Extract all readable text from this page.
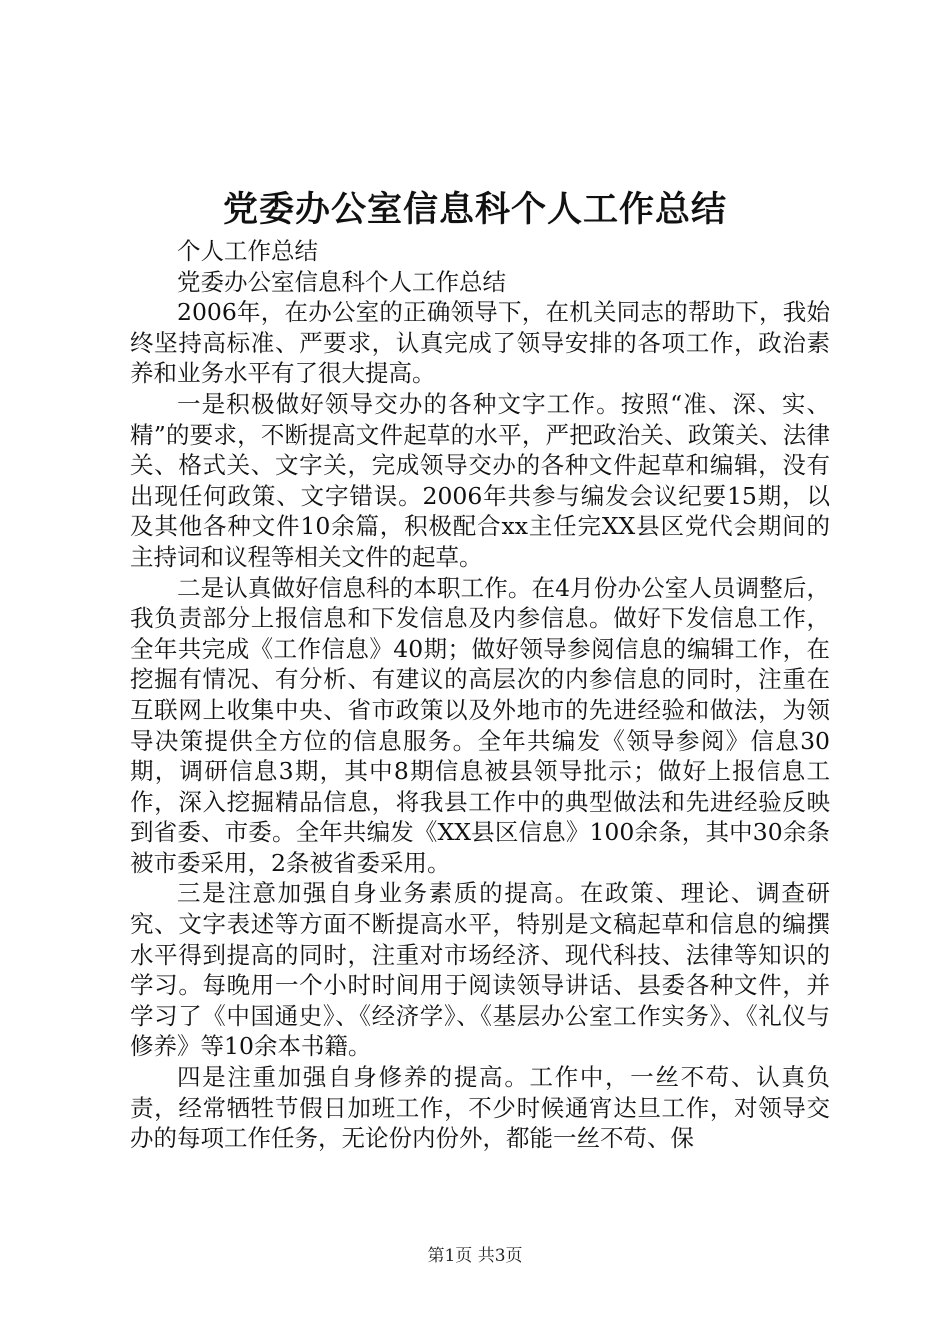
党委办公室信息科个人工作总结

个人工作总结

党委办公室信息科个人工作总结

2006年，在办公室的正确领导下，在机关同志的帮助下，我始终坚持高标准、严要求，认真完成了领导安排的各项工作，政治素养和业务水平有了很大提高。

一是积极做好领导交办的各种文字工作。按照“准、深、实、精”的要求，不断提高文件起草的水平，严把政治关、政策关、法律关、格式关、文字关，完成领导交办的各种文件起草和编辑，没有出现任何政策、文字错误。2006年共参与编发会议纪要15期，以及其他各种文件10余篇，积极配合xx主任完XX县区党代会期间的主持词和议程等相关文件的起草。

二是认真做好信息科的本职工作。在4月份办公室人员调整后，我负责部分上报信息和下发信息及内参信息。做好下发信息工作，全年共完成《工作信息》40期；做好领导参阅信息的编辑工作，在挖掘有情况、有分析、有建议的高层次的内参信息的同时，注重在互联网上收集中央、省市政策以及外地市的先进经验和做法，为领导决策提供全方位的信息服务。全年共编发《领导参阅》信息30期，调研信息3期，其中8期信息被县领导批示；做好上报信息工作，深入挖掘精品信息，将我县工作中的典型做法和先进经验反映到省委、市委。全年共编发《XX县区信息》100余条，其中30余条被市委采用，2条被省委采用。

三是注意加强自身业务素质的提高。在政策、理论、调查研究、文字表述等方面不断提高水平，特别是文稿起草和信息的编撰水平得到提高的同时，注重对市场经济、现代科技、法律等知识的学习。每晚用一个小时时间用于阅读领导讲话、县委各种文件，并学习了《中国通史》、《经济学》、《基层办公室工作实务》、《礼仪与修养》等10余本书籍。

四是注重加强自身修养的提高。工作中，一丝不苟、认真负责，经常牺牲节假日加班工作，不少时候通宵达旦工作，对领导交办的每项工作任务，无论份内份外，都能一丝不苟、保

第1页 共3页
